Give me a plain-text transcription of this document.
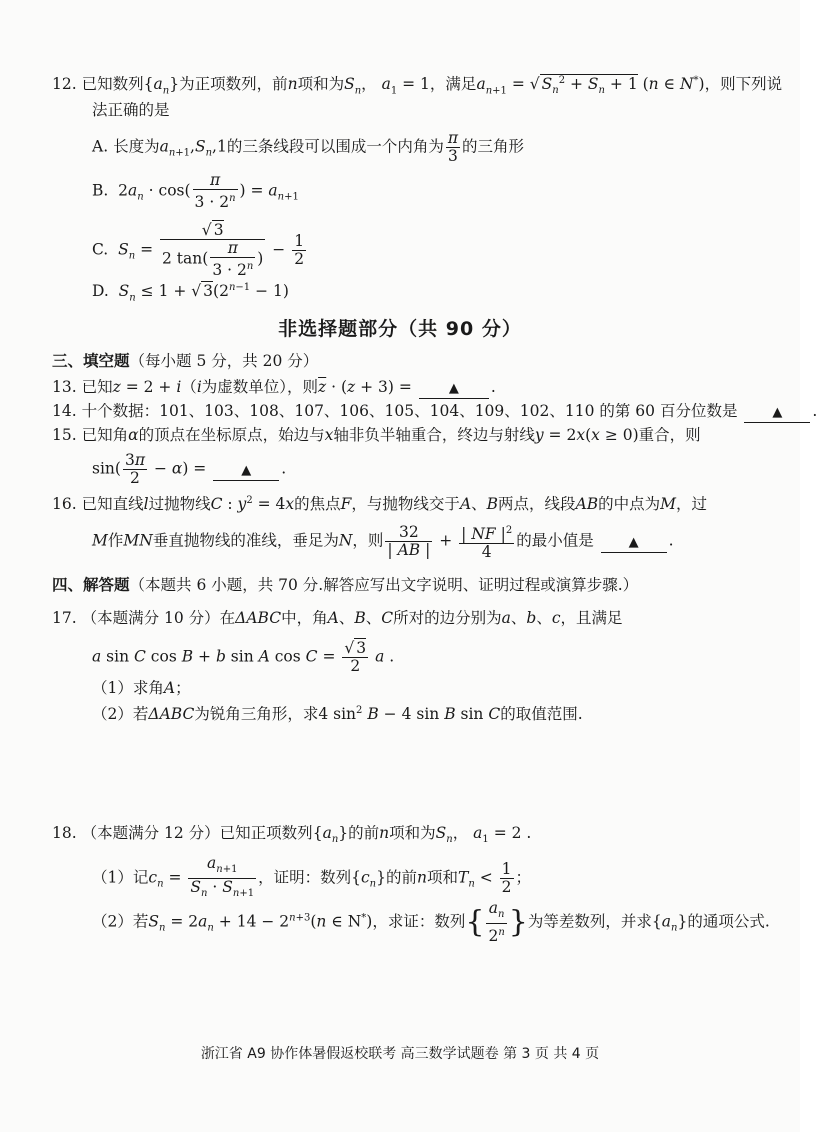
12. 已知数列$\{a_n\}$为正项数列，前n项和为$S_n$， $a_1 = 1$，满足$a_{n+1}$ = √ $S_n^2 + S_n + 1$ (n ∈ N*)，则下列说
法正确的是
A. 长度为$a_{n+1},S_n,1$的三条线段可以围成一个内角为 $\frac{\pi}{3}$ 的三角形
B.  $2a_n \cdot \cos( \frac{\pi}{3 \cdot 2^n}$ ) = $a_{n+1}$
C. $S_n = \frac{√ 3}{2 \tan( \frac{\pi}{3 \cdot 2^n} )} - \frac{1}{2}$
D. $S_n \le 1$ + √ $3(2^{n-1} - 1)$
非选择题部分（共 90 分）
三、填空题（每小题 5 分，共 20 分）
13. 已知z = 2 + i（i为虚数单位），则$\overline{z} \cdot (z + 3)$ = ▲ .
14. 十个数据：101、103、108、107、106、105、104、109、102、110 的第 60 百分位数是	▲ .
15. 已知角α的顶点在坐标原点，始边与x轴非负半轴重合，终边与射线y = 2x(x ≥ 0)重合，则
$\sin( \frac{3\pi}{2} - \alpha)$ = ▲ .
16. 已知直线l过抛物线C : $y^2 = 4x$的焦点F，与抛物线交于A、B两点，线段AB的中点为M，过
M作MN垂直抛物线的准线，垂足为N，则 $\frac{32}{| AB |} + \frac{| NF |^2}{4}$ 的最小值是	▲ .
四、解答题（本题共 6 小题，共 70 分.解答应写出文字说明、证明过程或演算步骤.）
17. （本题满分 10 分）在ΔABC中，角A、B、C所对的边分别为a、b、c，且满足
a sin C cos B + b sin A $\cos C = \frac{√ 3}{2}$ a .
（1）求角A；
（2）若ΔABC为锐角三角形，求4 $\sin^2 B - 4$ sin B sin C的取值范围.
18. （本题满分 12 分）已知正项数列$\{a_n\}$的前n项和为$S_n$， $a_1 = 2$ .
（1）记$c_n = \frac{a_{n+1}}{S_n \cdot S_{n+1}}$ ，证明：数列$\{c_n\}$的前n项和$T_n < \frac{1}{2}$ ；
（2）若$S_n = 2a_n + 14 - 2^{n+3}(n$ ∈ N*)，求证：数列{ $\frac{a_n}{2^n}$ }为等差数列，并求$\{a_n\}$的通项公式.
浙江省 A9 协作体暑假返校联考 高三数学试题卷 第 3 页 共 4 页
